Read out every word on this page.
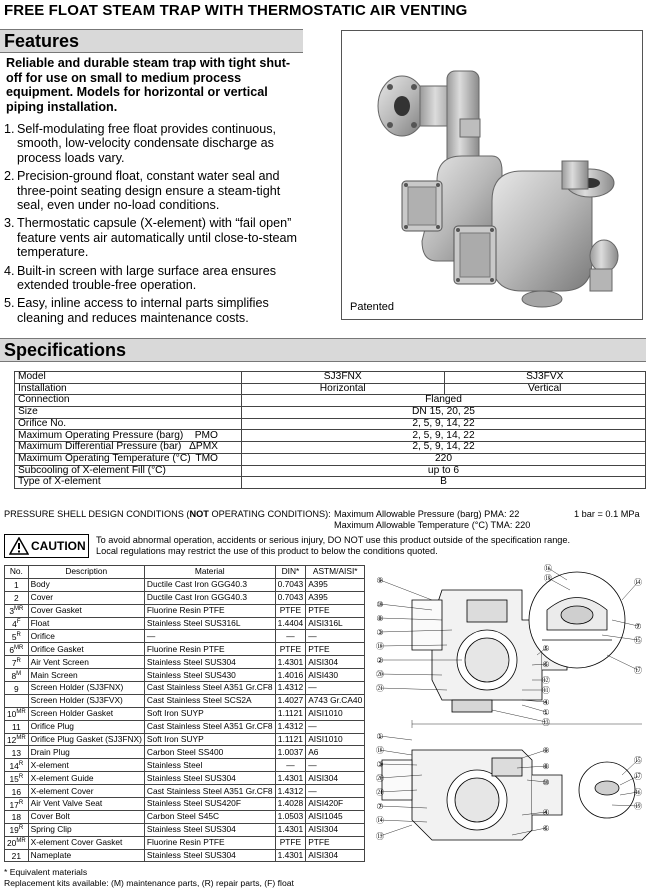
FREE FLOAT STEAM TRAP WITH THERMOSTATIC AIR VENTING
Features
Reliable and durable steam trap with tight shut-off for use on small to medium process equipment. Models for horizontal or vertical piping installation.
1. Self-modulating free float provides continuous, smooth, low-velocity condensate discharge as process loads vary.
2. Precision-ground float, constant water seal and three-point seating design ensure a steam-tight seal, even under no-load conditions.
3. Thermostatic capsule (X-element) with “fail open” feature vents air automatically until close-to-steam temperature.
4. Built-in screen with large surface area ensures extended trouble-free operation.
5. Easy, inline access to internal parts simplifies cleaning and reduces maintenance costs.
Patented
Specifications
Model	SJ3FNX	SJ3FVX
Installation	Horizontal	Vertical

Connection	Flanged	

Size	DN 15, 20, 25	

Orifice No.	2, 5, 9, 14, 22	

Maximum Operating Pressure (barg) PMO	2, 5, 9, 14, 22	

Maximum Differential Pressure (bar) ΔPMX	2, 5, 9, 14, 22	

Maximum Operating Temperature (°C) TMO	220	

Subcooling of X-element Fill (°C)	up to 6	

Type of X-element	B	
PRESSURE SHELL DESIGN CONDITIONS (NOT OPERATING CONDITIONS): Maximum Allowable Pressure (barg) PMA: 22
Maximum Allowable Temperature (°C) TMA: 220
1 bar = 0.1 MPa
CAUTION To avoid abnormal operation, accidents or serious injury, DO NOT use this product outside of the specification range.
Local regulations may restrict the use of this product to below the conditions quoted.
No.	Description	Material	DIN*	ASTM/AISI*
1	Body	Ductile Cast Iron GGG40.3	0.7043	A395
2	Cover	Ductile Cast Iron GGG40.3	0.7043	A395
$3^{MR}$	Cover Gasket	Fluorine Resin PTFE	PTFE	PTFE
$4^F$	Float	Stainless Steel SUS316L	1.4404	AISI316L
$5^R$	Orifice	—	—	—
$6^{MR}$	Orifice Gasket	Fluorine Resin PTFE	PTFE	PTFE
$7^R$	Air Vent Screen	Stainless Steel SUS304	1.4301	AISI304
$8^M$	Main Screen	Stainless Steel SUS430	1.4016	AISI430
9	Screen Holder (SJ3FNX)	Cast Stainless Steel A351 Gr.CF8	1.4312	—
	Screen Holder (SJ3FVX)	Cast Stainless Steel SCS2A	1.4027	A743 Gr.CA40
$10^{MR}$	Screen Holder Gasket	Soft Iron SUYP	1.1121	AISI1010
11	Orifice Plug	Cast Stainless Steel A351 Gr.CF8	1.4312	—
$12^{MR}$	Orifice Plug Gasket (SJ3FNX)	Soft Iron SUYP	1.1121	AISI1010
13	Drain Plug	Carbon Steel SS400	1.0037	A6
$14^R$	X-element	Stainless Steel	—	—
$15^R$	X-element Guide	Stainless Steel SUS304	1.4301	AISI304
16	X-element Cover	Cast Stainless Steel A351 Gr.CF8	1.4312	—
$17^R$	Air Vent Valve Seat	Stainless Steel SUS420F	1.4028	AISI420F
18	Cover Bolt	Carbon Steel S45C	1.0503	AISI1045
$19^R$	Spring Clip	Stainless Steel SUS304	1.4301	AISI304
$20^{MR}$	X-element Cover Gasket	Fluorine Resin PTFE	PTFE	PTFE
21	Nameplate	Stainless Steel SUS304	1.4301	AISI304
* Equivalent materials
Replacement kits available: (M) maintenance parts, (R) repair parts, (F) float
⑨
⑩
⑧
③
⑱
②
⑳
㉑
⑯
⑲	⑭
⑦
⑮
⑰
⑤
⑥
⑫
⑪
④
①
⑬
①
⑱
③
⑳
㉑
⑦
⑭
⑮
⑰
⑯
⑲
⑨
⑧
⑩
④
⑬
⑥
